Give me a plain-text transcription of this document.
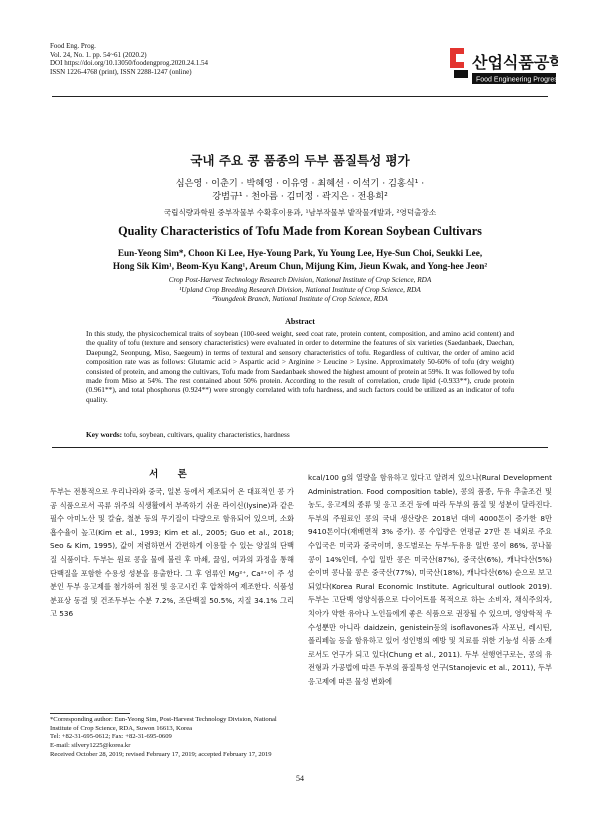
Food Eng. Prog.
Vol. 24, No. 1. pp. 54~61 (2020.2)
DOI https://doi.org/10.13050/foodengprog.2020.24.1.54
ISSN 1226-4768 (print), ISSN 2288-1247 (online)	산업식품공학
Food Engineering Progress
국내 주요 콩 품종의 두부 품질특성 평가
심은영 · 이춘기 · 박혜영 · 이유영 · 최혜선 · 이석기 · 김홍식¹ ·
강범규¹ · 천아름 · 김미정 · 곽지은 · 전용희²
국립식량과학원 중부작물부 수확후이용과, ¹남부작물부 밭작물개발과, ²영덕출장소
Quality Characteristics of Tofu Made from Korean Soybean Cultivars
Eun-Yeong Sim*, Choon Ki Lee, Hye-Young Park, Yu Young Lee, Hye-Sun Choi, Seukki Lee,
Hong Sik Kim¹, Beom-Kyu Kang¹, Areum Chun, Mijung Kim, Jieun Kwak, and Yong-hee Jeon²
Crop Post-Harvest Technology Research Division, National Institute of Crop Science, RDA
¹Upland Crop Breeding Research Division, National Institute of Crop Science, RDA
²Youngdeok Branch, National Institute of Crop Science, RDA
Abstract
In this study, the physicochemical traits of soybean (100-seed weight, seed coat rate, protein content, composition, and amino acid content) and the quality of tofu (texture and sensory characteristics) were evaluated in order to determine the features of six varieties (Saedanbaek, Daechan, Daepung2, Seonpung, Miso, Saegeum) in terms of textural and sensory characteristics of tofu. Regardless of cultivar, the order of amino acid composition rate was as follows: Glutamic acid > Aspartic acid > Arginine > Leucine > Lysine. Approximately 50-60% of tofu (dry weight) consisted of protein, and among the cultivars, Tofu made from Saedanbaek showed the highest amount of protein at 59%. It was followed by tofu made from Miso at 54%. The rest contained about 50% protein. According to the result of correlation, crude lipid (-0.933**), crude protein (0.961**), and total phosphorus (0.924**) were strongly correlated with tofu hardness, and such factors could be utilized as an indicator of tofu quality.
Key words: tofu, soybean, cultivars, quality characteristics, hardness
서 론
두부는 전통적으로 우리나라와 중국, 일본 등에서 제조되어 온 대표적인 콩 가공 식품으로서 곡류 위주의 식생활에서 부족하기 쉬운 라이신(lysine)과 같은 필수 아미노산 및 칼슘, 철분 등의 무기질이 다량으로 함유되어 있으며, 소화흡수율이 높고(Kim et al., 1993; Kim et al., 2005; Guo et al., 2018; Seo & Kim, 1995), 값이 저렴하면서 간편하게 이용할 수 있는 양질의 단백질 식품이다. 두부는 원료 콩을 물에 불린 후 마쇄, 끓임, 여과의 과정을 통해 단백질을 포함한 수용성 성분을 용출한다. 그 후 염류인 Mg²⁺, Ca²⁺이 주 성분인 두부 응고제를 첨가하여 침전 및 응고시킨 후 압착하여 제조한다. 식품성분표상 동결 및 건조두부는 수분 7.2%, 조단백질 50.5%, 지질 34.1% 그리고 536
kcal/100 g의 열량을 함유하고 있다고 알려져 있으나(Rural Development Administration. Food composition table), 콩의 품종, 두유 추출조건 및 농도, 응고제의 종류 및 응고 조건 등에 따라 두부의 품질 및 성분이 달라진다. 두부의 주원료인 콩의 국내 생산량은 2018년 대비 4000톤이 증가한 8만9410톤이다(재배면적 3% 증가). 콩 수입량은 연평균 27만 톤 내외로 주요 수입국은 미국과 중국이며, 용도별로는 두부·두유용 일반 콩이 86%, 콩나물 콩이 14%인데, 수입 일반 콩은 미국산(87%), 중국산(6%), 캐나다산(5%) 순이며 콩나물 콩은 중국산(77%), 미국산(18%), 캐나다산(6%) 순으로 보고되었다(Korea Rural Economic Institute. Agricultural outlook 2019). 두부는 고단백 영양식품으로 다이어트를 목적으로 하는 소비자, 채식주의자, 치아가 약한 유아나 노인들에게 좋은 식품으로 권장될 수 있으며, 영양학적 우수성뿐만 아니라 daidzein, genistein등의 isoflavones과 사포닌, 레시틴, 폴리페놀 등을 함유하고 있어 성인병의 예방 및 치료를 위한 기능성 식품 소재로서도 연구가 되고 있다(Chung et al., 2011). 두부 선행연구로는, 콩의 유전형과 가공법에 따른 두부의 품질특성 연구(Stanojevic et al., 2011), 두부 응고제에 따른 물성 변화에
*Corresponding author: Eun-Yeong Sim, Post-Harvest Technology Division, National Institute of Crop Science, RDA, Suwon 16613, Korea
Tel: +82-31-695-0612; Fax: +82-31-695-0609
E-mail: silvery1225@korea.kr
Received October 28, 2019; revised February 17, 2019; accepted February 17, 2019
54
